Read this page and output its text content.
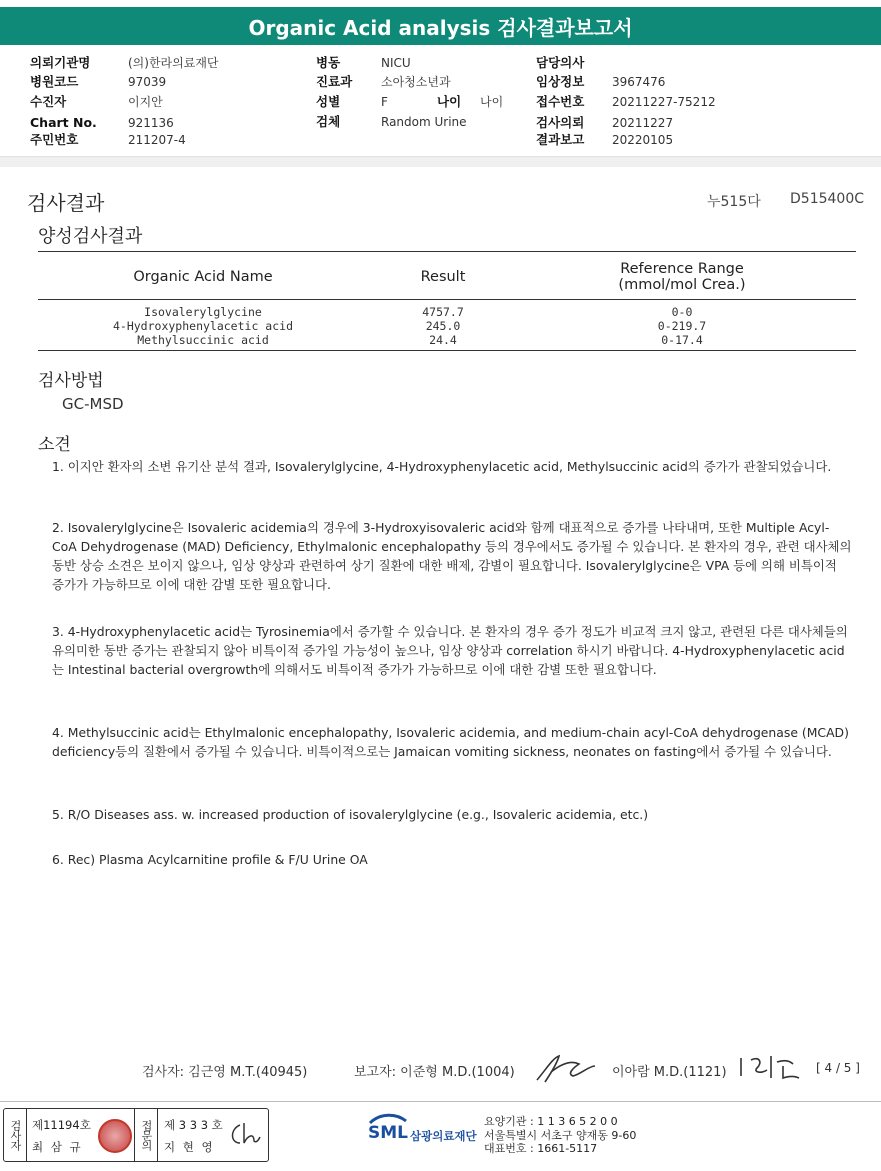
Organic Acid analysis 검사결과보고서
의뢰기관명	(의)한라의료재단
병원코드	97039
수진자	이지안
Chart No.	921136
주민번호	211207-4
병동	NICU
진료과 소아청소년과
성별	F	나이 나이
검체	Random Urine
담당의사
임상정보 3967476
접수번호 20211227-75212
검사의뢰 20211227
결과보고 20220105
검사결과	누515다 D515400C
양성검사결과
Organic Acid Name	Result	Reference Range
(mmol/mol Crea.)
Isovalerylglycine	4757.7	0-0
4-Hydroxyphenylacetic acid	245.0	0-219.7
Methylsuccinic acid	24.4	0-17.4
검사방법
GC-MSD
소견
1. 이지안 환자의 소변 유기산 분석 결과, Isovalerylglycine, 4-Hydroxyphenylacetic acid, Methylsuccinic acid의 증가가 관찰되었습니다.
2. Isovalerylglycine은 Isovaleric acidemia의 경우에 3-Hydroxyisovaleric acid와 함께 대표적으로 증가를 나타내며, 또한 Multiple Acyl-CoA Dehydrogenase (MAD) Deficiency, Ethylmalonic encephalopathy 등의 경우에서도 증가될 수 있습니다. 본 환자의 경우, 관련 대사체의 동반 상승 소견은 보이지 않으나, 임상 양상과 관련하여 상기 질환에 대한 배제, 감별이 필요합니다. Isovalerylglycine은 VPA 등에 의해 비특이적 증가가 가능하므로 이에 대한 감별 또한 필요합니다.
3. 4-Hydroxyphenylacetic acid는 Tyrosinemia에서 증가할 수 있습니다. 본 환자의 경우 증가 정도가 비교적 크지 않고, 관련된 다른 대사체들의 유의미한 동반 증가는 관찰되지 않아 비특이적 증가일 가능성이 높으나, 임상 양상과 correlation 하시기 바랍니다. 4-Hydroxyphenylacetic acid는 Intestinal bacterial overgrowth에 의해서도 비특이적 증가가 가능하므로 이에 대한 감별 또한 필요합니다.
4. Methylsuccinic acid는 Ethylmalonic encephalopathy, Isovaleric acidemia, and medium-chain acyl-CoA dehydrogenase (MCAD) deficiency등의 질환에서 증가될 수 있습니다. 비특이적으로는 Jamaican vomiting sickness, neonates on fasting에서 증가될 수 있습니다.
5. R/O Diseases ass. w. increased production of isovalerylglycine (e.g., Isovaleric acidemia, etc.)
6. Rec) Plasma Acylcarnitine profile & F/U Urine OA
검사자: 김근영 M.T.(40945)	보고자: 이준형 M.D.(1004)	이아람 M.D.(1121)	[ 4 / 5 ]
검사자 제11194호
최 삼 규	접문의 제 3 3 3 호
지 현 영
SML 삼광의료재단
요양기관 : 1 1 3 6 5 2 0 0
서울특별시 서초구 양재동 9-60
대표번호 : 1661-5117
